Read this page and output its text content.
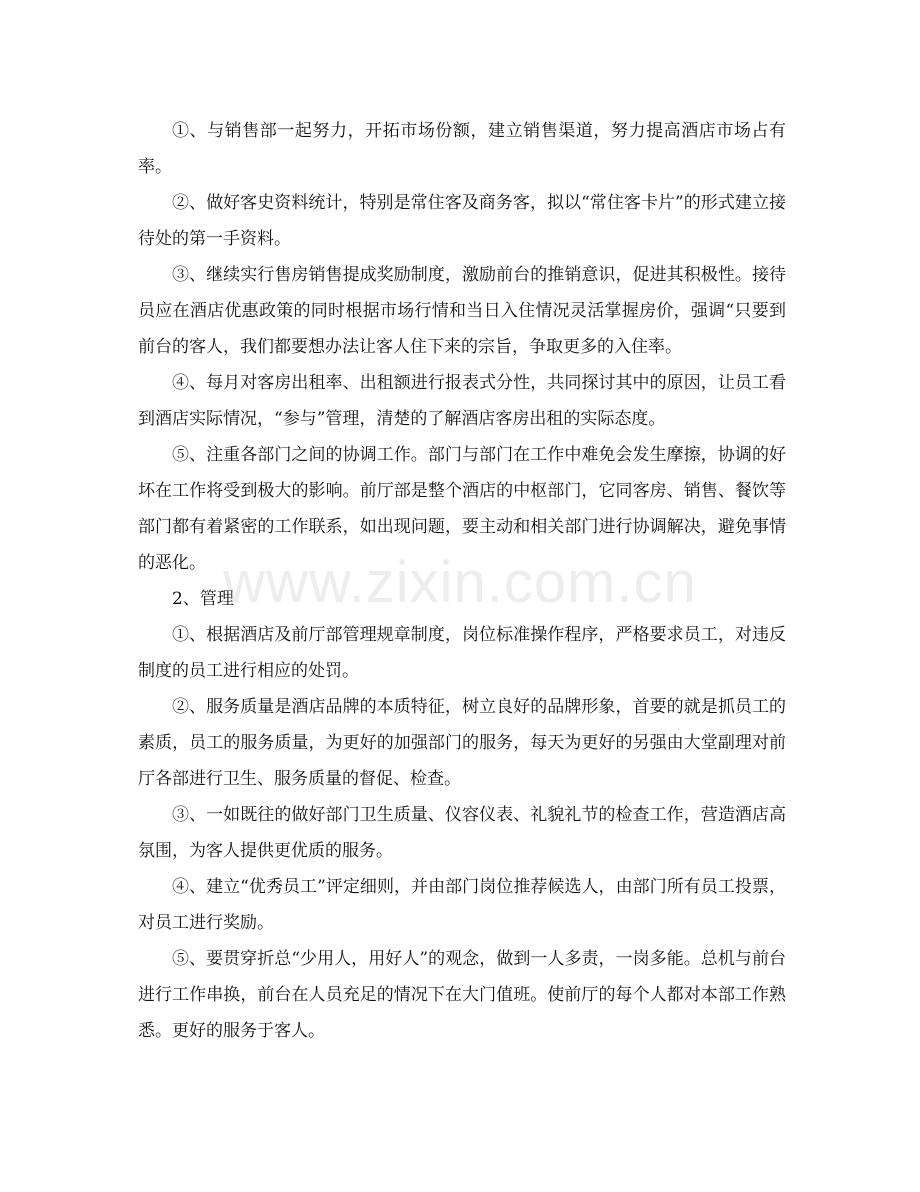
①、与销售部一起努力，开拓市场份额，建立销售渠道，努力提高酒店市场占有率。

②、做好客史资料统计，特别是常住客及商务客，拟以“常住客卡片”的形式建立接待处的第一手资料。

③、继续实行售房销售提成奖励制度，激励前台的推销意识，促进其积极性。接待员应在酒店优惠政策的同时根据市场行情和当日入住情况灵活掌握房价，强调“只要到前台的客人，我们都要想办法让客人住下来的宗旨，争取更多的入住率。

④、每月对客房出租率、出租额进行报表式分性，共同探讨其中的原因，让员工看到酒店实际情况，“参与”管理，清楚的了解酒店客房出租的实际态度。

⑤、注重各部门之间的协调工作。部门与部门在工作中难免会发生摩擦，协调的好坏在工作将受到极大的影响。前厅部是整个酒店的中枢部门，它同客房、销售、餐饮等部门都有着紧密的工作联系，如出现问题，要主动和相关部门进行协调解决，避免事情的恶化。

2、管理

①、根据酒店及前厅部管理规章制度，岗位标准操作程序，严格要求员工，对违反制度的员工进行相应的处罚。

②、服务质量是酒店品牌的本质特征，树立良好的品牌形象，首要的就是抓员工的素质，员工的服务质量，为更好的加强部门的服务，每天为更好的另强由大堂副理对前厅各部进行卫生、服务质量的督促、检查。

③、一如既往的做好部门卫生质量、仪容仪表、礼貌礼节的检查工作，营造酒店高氛围，为客人提供更优质的服务。

④、建立“优秀员工”评定细则，并由部门岗位推荐候选人，由部门所有员工投票，对员工进行奖励。

⑤、要贯穿折总“少用人，用好人”的观念，做到一人多责，一岗多能。总机与前台进行工作串换，前台在人员充足的情况下在大门值班。使前厅的每个人都对本部工作熟悉。更好的服务于客人。

www.zixin.com.cn
